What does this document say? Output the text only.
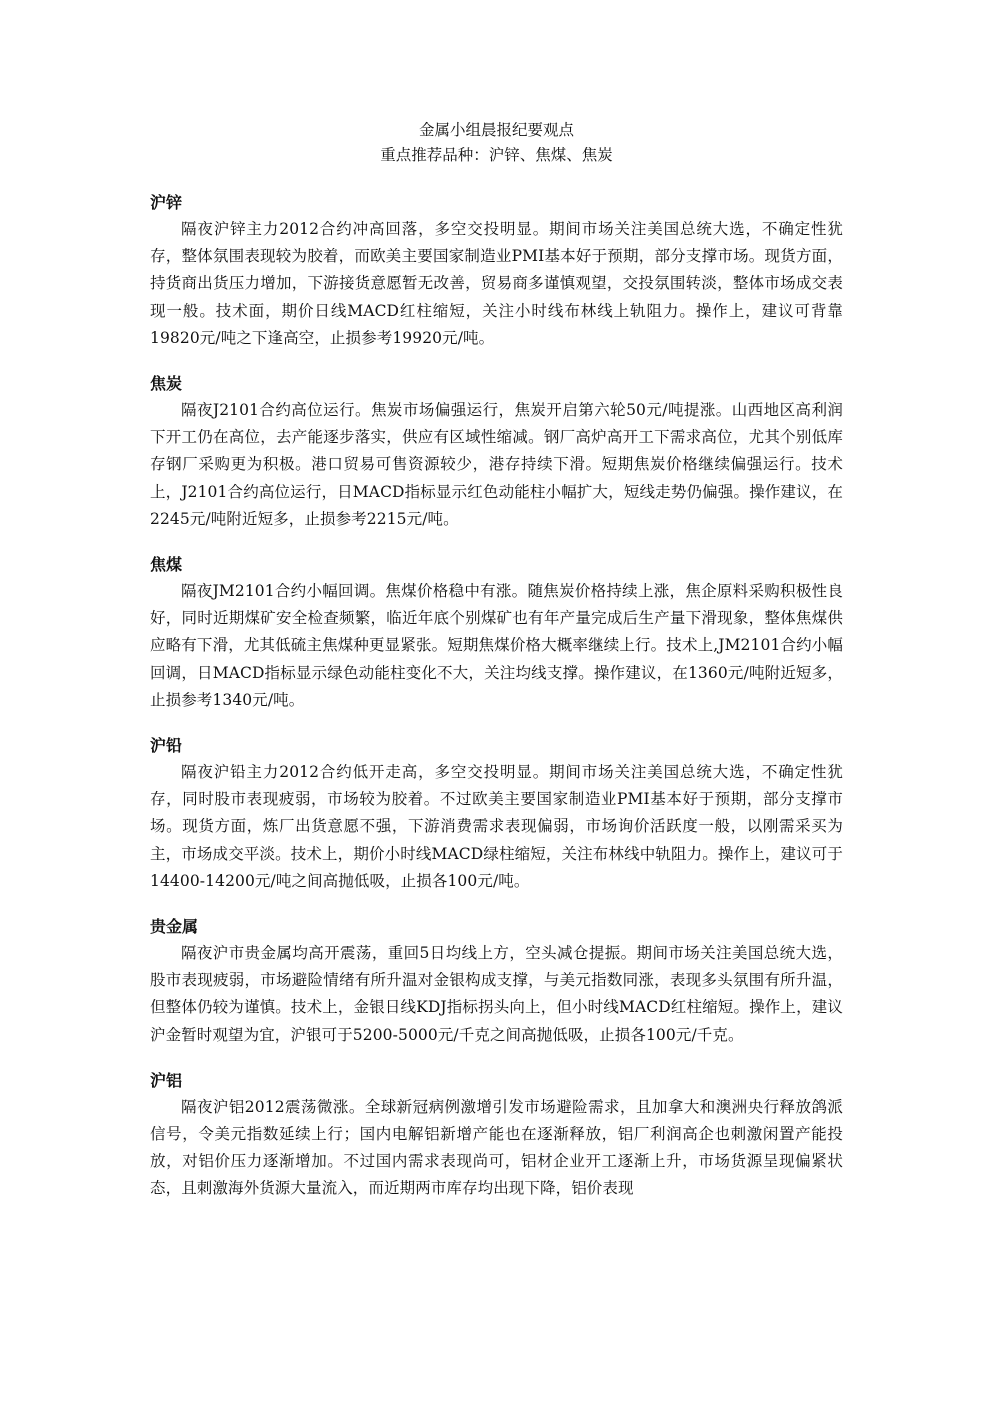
金属小组晨报纪要观点
重点推荐品种：沪锌、焦煤、焦炭
沪锌

隔夜沪锌主力2012合约冲高回落，多空交投明显。期间市场关注美国总统大选，不确定性犹存，整体氛围表现较为胶着，而欧美主要国家制造业PMI基本好于预期，部分支撑市场。现货方面，持货商出货压力增加，下游接货意愿暂无改善，贸易商多谨慎观望，交投氛围转淡，整体市场成交表现一般。技术面，期价日线MACD红柱缩短，关注小时线布林线上轨阻力。操作上，建议可背靠19820元/吨之下逢高空，止损参考19920元/吨。

焦炭

隔夜J2101合约高位运行。焦炭市场偏强运行，焦炭开启第六轮50元/吨提涨。山西地区高利润下开工仍在高位，去产能逐步落实，供应有区域性缩减。钢厂高炉高开工下需求高位，尤其个别低库存钢厂采购更为积极。港口贸易可售资源较少，港存持续下滑。短期焦炭价格继续偏强运行。技术上，J2101合约高位运行，日MACD指标显示红色动能柱小幅扩大，短线走势仍偏强。操作建议，在2245元/吨附近短多，止损参考2215元/吨。

焦煤

隔夜JM2101合约小幅回调。焦煤价格稳中有涨。随焦炭价格持续上涨，焦企原料采购积极性良好，同时近期煤矿安全检查频繁，临近年底个别煤矿也有年产量完成后生产量下滑现象，整体焦煤供应略有下滑，尤其低硫主焦煤种更显紧张。短期焦煤价格大概率继续上行。技术上,JM2101合约小幅回调，日MACD指标显示绿色动能柱变化不大，关注均线支撑。操作建议，在1360元/吨附近短多，止损参考1340元/吨。

沪铅

隔夜沪铅主力2012合约低开走高，多空交投明显。期间市场关注美国总统大选，不确定性犹存，同时股市表现疲弱，市场较为胶着。不过欧美主要国家制造业PMI基本好于预期，部分支撑市场。现货方面，炼厂出货意愿不强，下游消费需求表现偏弱，市场询价活跃度一般，以刚需采买为主，市场成交平淡。技术上，期价小时线MACD绿柱缩短，关注布林线中轨阻力。操作上，建议可于14400-14200元/吨之间高抛低吸，止损各100元/吨。

贵金属

隔夜沪市贵金属均高开震荡，重回5日均线上方，空头减仓提振。期间市场关注美国总统大选，股市表现疲弱，市场避险情绪有所升温对金银构成支撑，与美元指数同涨，表现多头氛围有所升温，但整体仍较为谨慎。技术上，金银日线KDJ指标拐头向上，但小时线MACD红柱缩短。操作上，建议沪金暂时观望为宜，沪银可于5200-5000元/千克之间高抛低吸，止损各100元/千克。

沪铝

隔夜沪铝2012震荡微涨。全球新冠病例激增引发市场避险需求，且加拿大和澳洲央行释放鸽派信号，令美元指数延续上行；国内电解铝新增产能也在逐渐释放，铝厂利润高企也刺激闲置产能投放，对铝价压力逐渐增加。不过国内需求表现尚可，铝材企业开工逐渐上升，市场货源呈现偏紧状态，且刺激海外货源大量流入，而近期两市库存均出现下降，铝价表现
